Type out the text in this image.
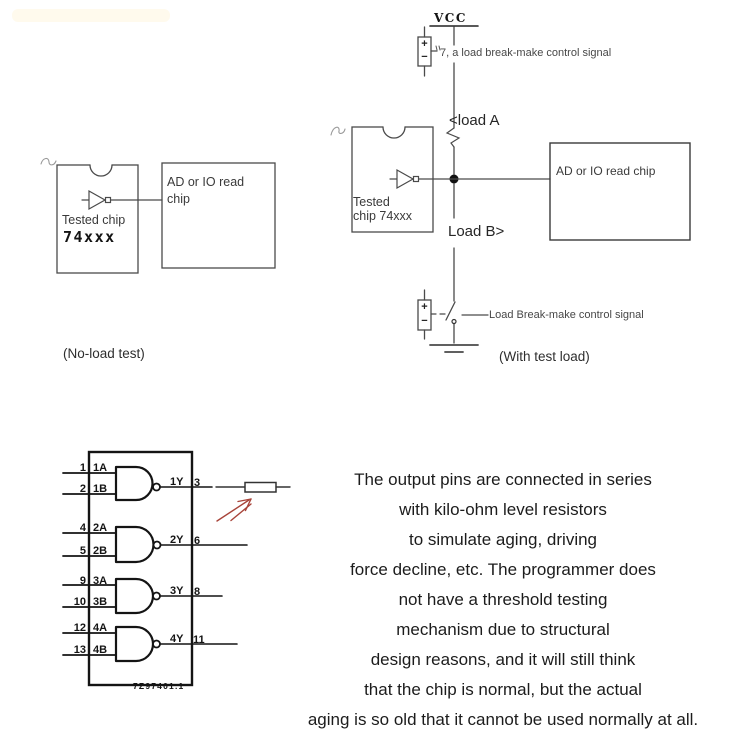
AD or IO read
chip
Tested chip
74xxx
(No-load test)
VCC
7, a load break-make control signal
<load A
Tested
chip 74xxx
AD or IO read chip
Load B>
Load Break-make control signal
(With test load)
+
−
+
−
1 1A
2 1B
1Y 3
4 2A
5 2B
2Y 6
9 3A
10 3B
3Y 8
12 4A
13 4B
4Y 11
7Z97401.1
The output pins are connected in series
with kilo-ohm level resistors
to simulate aging, driving
force decline, etc. The programmer does
not have a threshold testing
mechanism due to structural
design reasons, and it will still think
that the chip is normal, but the actual
aging is so old that it cannot be used normally at all.
